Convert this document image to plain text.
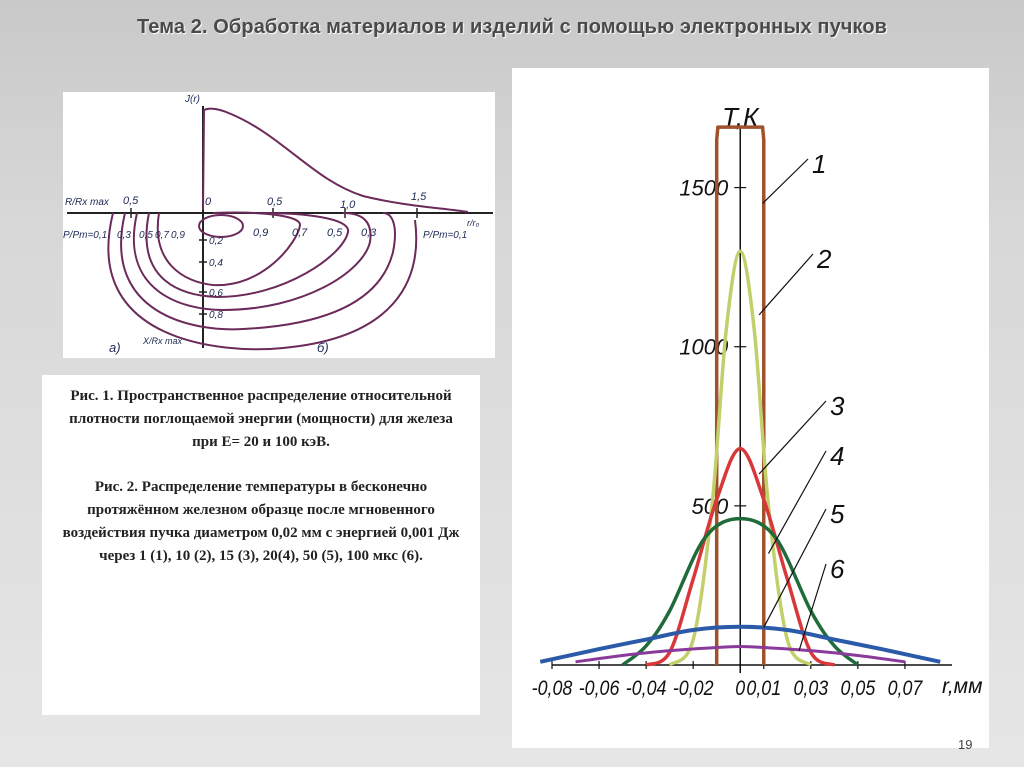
Тема 2. Обработка материалов и изделий с помощью электронных пучков
J(r)
R/Rx max
r/r₀
0,5	0	0,5	1,0
1,5
P/Pm=0,1 0,3 0,5 0,7 0,9	0,9 0,7 0,5 0,3	P/Pm=0,1
0,2
0,4
0,6
0,8
X/Rx max
а)	б)

Рис. 1. Пространственное распределение относительной плотности поглощаемой энергии (мощности) для железа при Е= 20 и 100 кэВ.

Рис. 2. Распределение температуры в бесконечно протяжённом железном образце после мгновенного воздействия пучка диаметром 0,02 мм с энергией 0,001 Дж через 1 (1), 10 (2), 15 (3), 20(4), 50 (5), 100 мкс (6).

-0,08 -0,06 -0,04 -0,02 0 0,01 0,03 0,05 0,07 r,мм
500
1000
1500
Т,К
1
2
3
4
5
6
19
